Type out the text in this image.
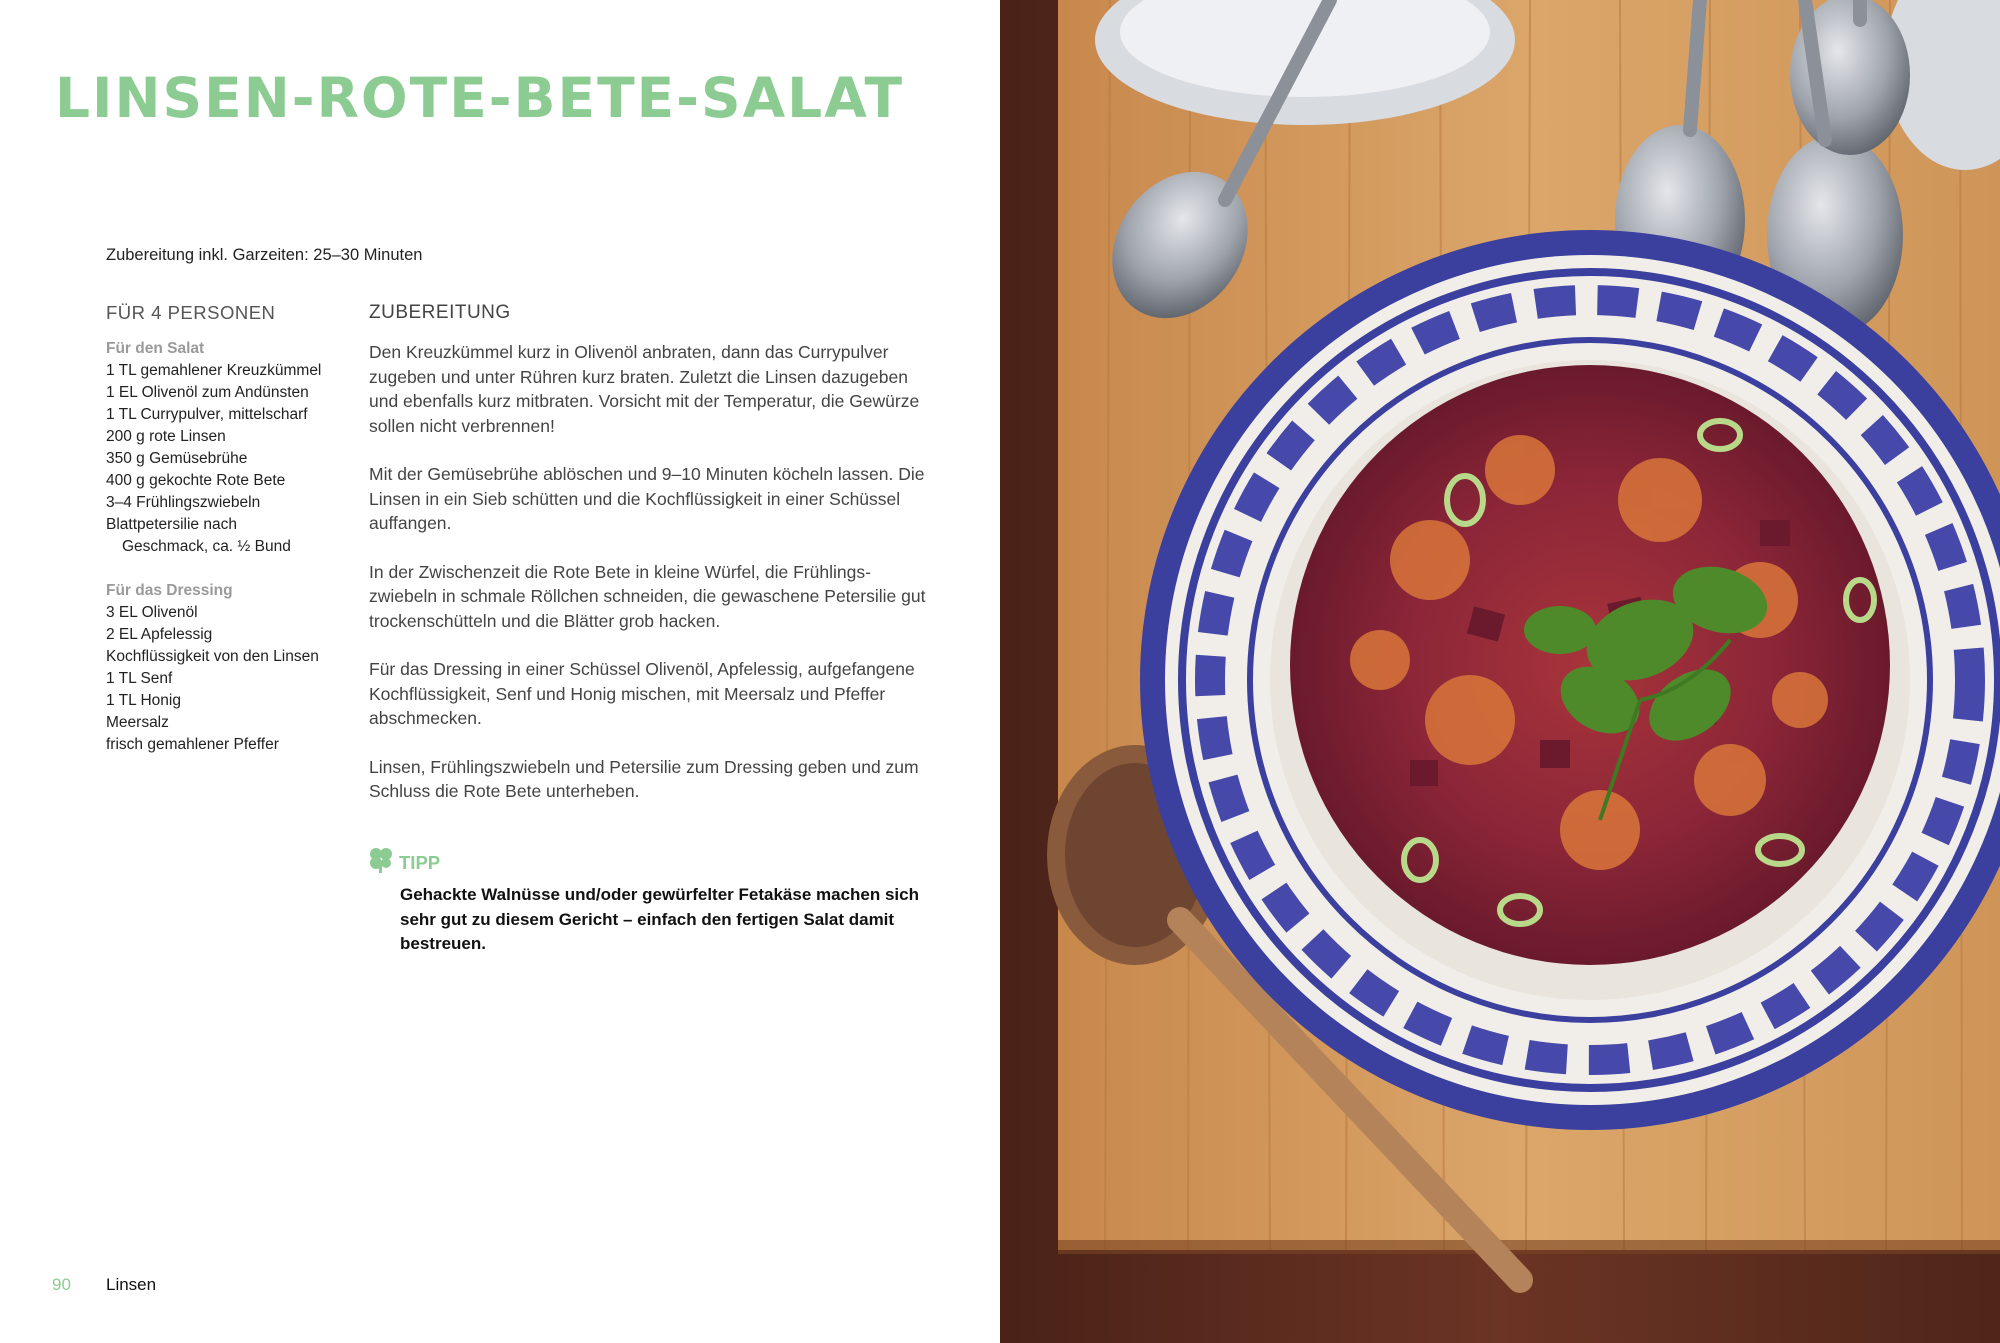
LINSEN-ROTE-BETE-SALAT
Zubereitung inkl. Garzeiten: 25–30 Minuten
FÜR 4 PERSONEN
Für den Salat
1 TL gemahlener Kreuzkümmel
1 EL Olivenöl zum Andünsten
1 TL Currypulver, mittelscharf
200 g rote Linsen
350 g Gemüsebrühe
400 g gekochte Rote Bete
3–4 Frühlingszwiebeln
Blattpetersilie nach
Geschmack, ca. ½ Bund
Für das Dressing
3 EL Olivenöl
2 EL Apfelessig
Kochflüssigkeit von den Linsen
1 TL Senf
1 TL Honig
Meersalz
frisch gemahlener Pfeffer
ZUBEREITUNG

Den Kreuzkümmel kurz in Olivenöl anbraten, dann das Currypulver zugeben und unter Rühren kurz braten. Zuletzt die Linsen dazugeben und ebenfalls kurz mitbraten. Vorsicht mit der Temperatur, die Gewürze sollen nicht verbrennen!

Mit der Gemüsebrühe ablöschen und 9–10 Minuten köcheln lassen. Die Linsen in ein Sieb schütten und die Kochflüssigkeit in einer Schüssel auffangen.

In der Zwischenzeit die Rote Bete in kleine Würfel, die Frühlings-zwiebeln in schmale Röllchen schneiden, die gewaschene Petersilie gut trockenschütteln und die Blätter grob hacken.

Für das Dressing in einer Schüssel Olivenöl, Apfelessig, aufgefangene Kochflüssigkeit, Senf und Honig mischen, mit Meersalz und Pfeffer abschmecken.

Linsen, Frühlingszwiebeln und Petersilie zum Dressing geben und zum Schluss die Rote Bete unterheben.

TIPP

Gehackte Walnüsse und/oder gewürfelter Fetakäse machen sich sehr gut zu diesem Gericht – einfach den fertigen Salat damit bestreuen.

90 Linsen
